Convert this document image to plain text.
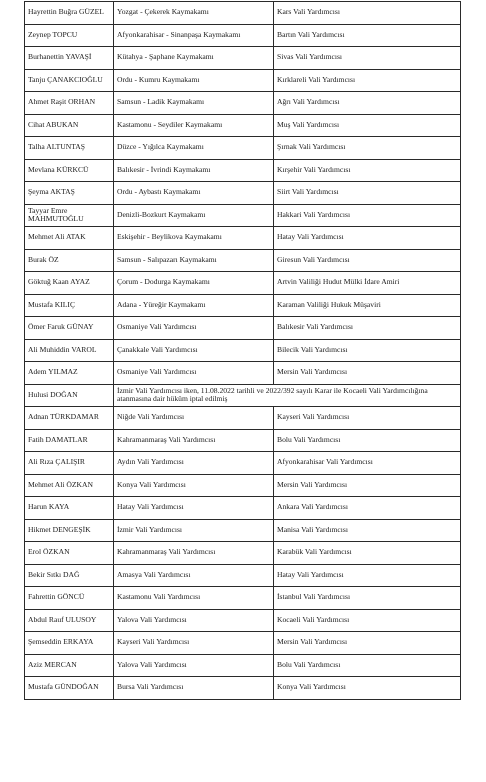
Hayrettin Buğra GÜZEL	Yozgat - Çekerek Kaymakamı	Kars Vali Yardımcısı
Zeynep TOPCU	Afyonkarahisar - Sinanpaşa Kaymakamı	Bartın Vali Yardımcısı
Burhanettin YAVAŞİ	Kütahya - Şaphane Kaymakamı	Sivas Vali Yardımcısı
Tanju ÇANAKCIOĞLU	Ordu - Kumru Kaymakamı	Kırklareli Vali Yardımcısı
Ahmet Raşit ORHAN	Samsun - Ladik Kaymakamı	Ağrı Vali Yardımcısı
Cihat ABUKAN	Kastamonu - Seydiler Kaymakamı	Muş Vali Yardımcısı
Talha ALTUNTAŞ	Düzce - Yığılca Kaymakamı	Şırnak Vali Yardımcısı
Mevlana KÜRKCÜ	Balıkesir - İvrindi Kaymakamı	Kırşehir Vali Yardımcısı
Şeyma AKTAŞ	Ordu - Aybastı Kaymakamı	Siirt Vali Yardımcısı
Tayyar Emre MAHMUTOĞLU	Denizli-Bozkurt Kaymakamı	Hakkari Vali Yardımcısı
Mehmet Ali ATAK	Eskişehir - Beylikova Kaymakamı	Hatay Vali Yardımcısı
Burak ÖZ	Samsun - Salıpazarı Kaymakamı	Giresun Vali Yardımcısı
Göktuğ Kaan AYAZ	Çorum - Dodurga Kaymakamı	Artvin Valiliği Hudut Mülki İdare Amiri
Mustafa KILIÇ	Adana - Yüreğir Kaymakamı	Karaman Valiliği Hukuk Müşaviri
Ömer Faruk GÜNAY	Osmaniye Vali Yardımcısı	Balıkesir Vali Yardımcısı
Ali Muhiddin VAROL	Çanakkale Vali Yardımcısı	Bilecik Vali Yardımcısı
Adem YILMAZ	Osmaniye Vali Yardımcısı	Mersin Vali Yardımcısı
Hulusi DOĞAN	İzmir Vali Yardımcısı iken, 11.08.2022 tarihli ve 2022/392 sayılı Karar ile Kocaeli Vali Yardımcılığına atanmasına dair hüküm iptal edilmiş	
Adnan TÜRKDAMAR	Niğde Vali Yardımcısı	Kayseri Vali Yardımcısı
Fatih DAMATLAR	Kahramanmaraş Vali Yardımcısı	Bolu Vali Yardımcısı
Ali Rıza ÇALIŞIR	Aydın Vali Yardımcısı	Afyonkarahisar Vali Yardımcısı
Mehmet Ali ÖZKAN	Konya Vali Yardımcısı	Mersin Vali Yardımcısı
Harun KAYA	Hatay Vali Yardımcısı	Ankara Vali Yardımcısı
Hikmet DENGEŞİK	İzmir Vali Yardımcısı	Manisa Vali Yardımcısı
Erol ÖZKAN	Kahramanmaraş Vali Yardımcısı	Karabük Vali Yardımcısı
Bekir Sıtkı DAĞ	Amasya Vali Yardımcısı	Hatay Vali Yardımcısı
Fahrettin GÖNCÜ	Kastamonu Vali Yardımcısı	İstanbul Vali Yardımcısı
Abdul Rauf ULUSOY	Yalova Vali Yardımcısı	Kocaeli Vali Yardımcısı
Şemseddin ERKAYA	Kayseri Vali Yardımcısı	Mersin Vali Yardımcısı
Aziz MERCAN	Yalova Vali Yardımcısı	Bolu Vali Yardımcısı
Mustafa GÜNDOĞAN	Bursa Vali Yardımcısı	Konya Vali Yardımcısı
